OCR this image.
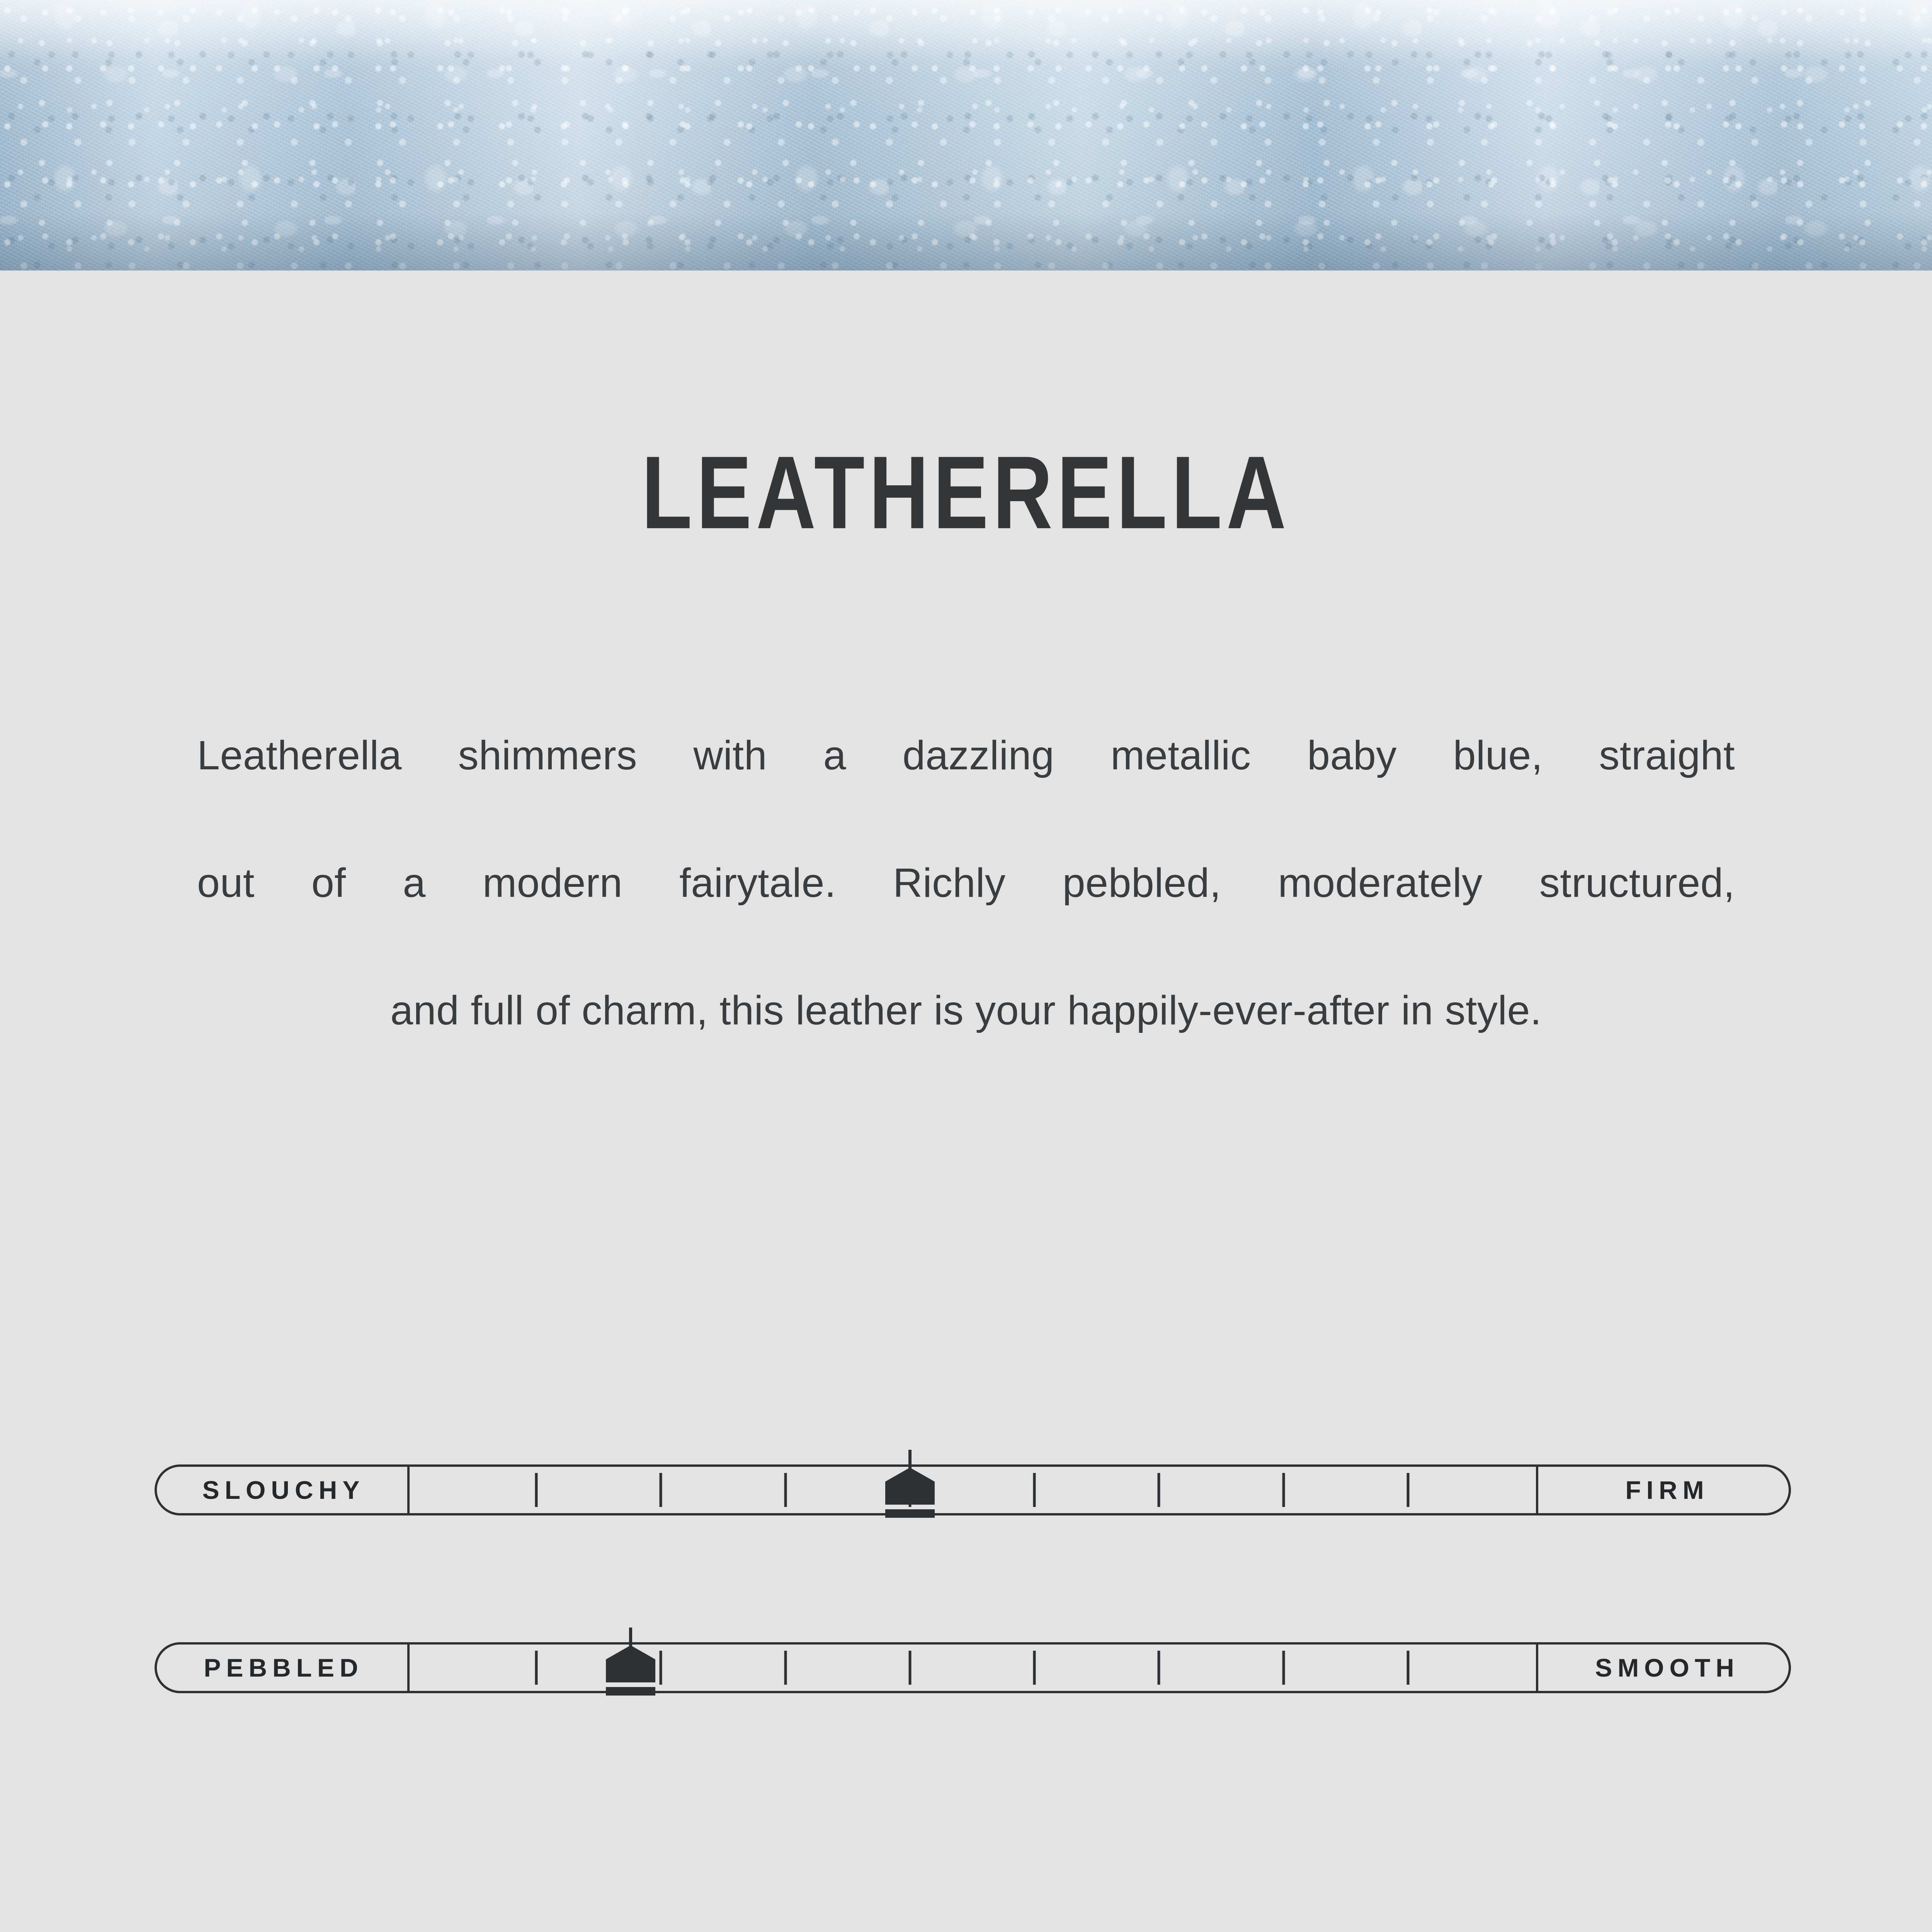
LEATHERELLA
Leatherella shimmers with a dazzling metallic baby blue, straight
out of a modern fairytale. Richly pebbled, moderately structured,
and full of charm, this leather is your happily-ever-after in style.
SLOUCHY	FIRM
PEBBLED	SMOOTH
